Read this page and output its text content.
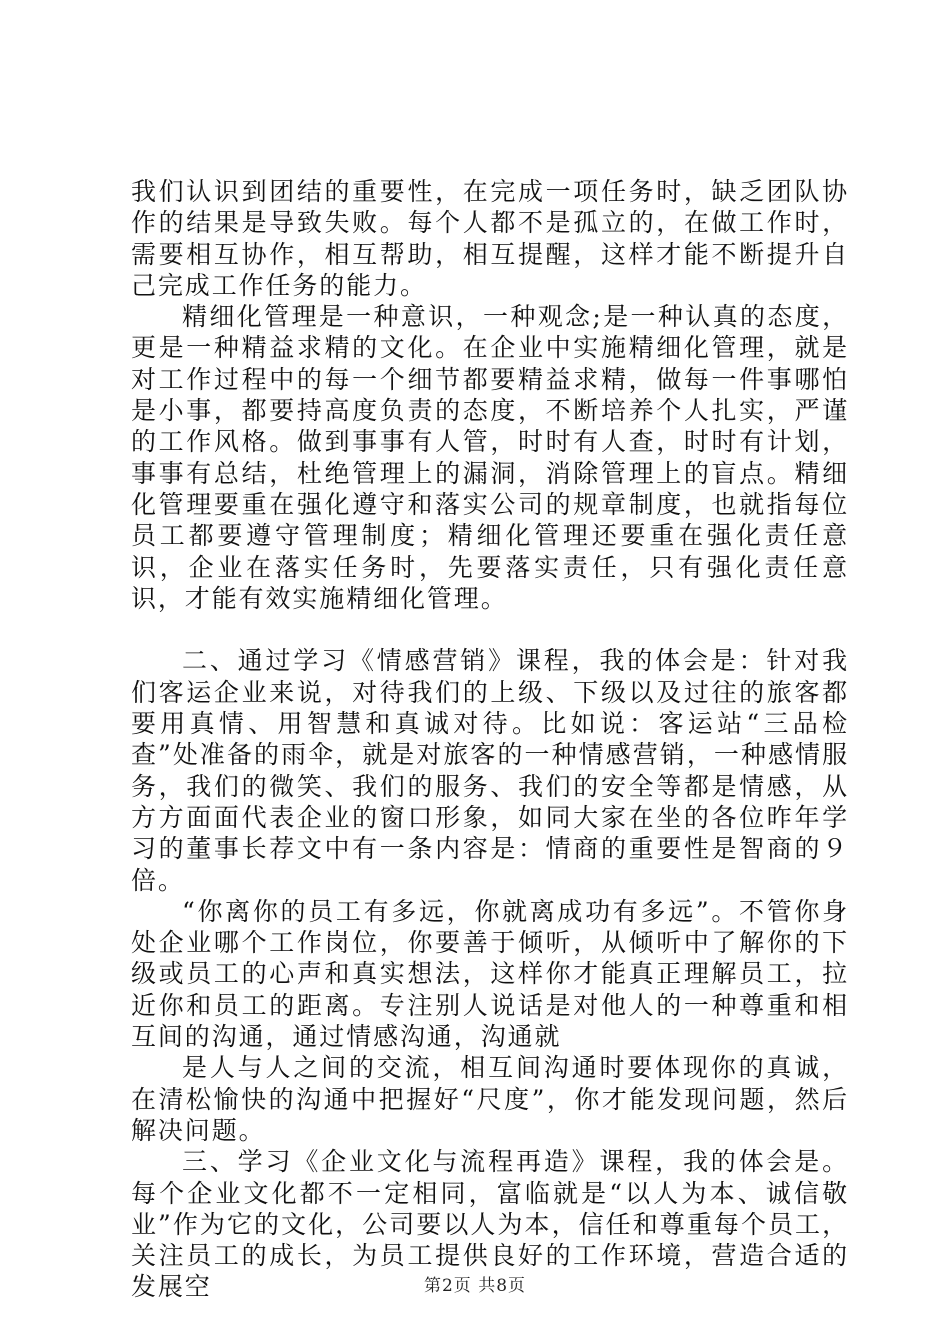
我们认识到团结的重要性，在完成一项任务时，缺乏团队协作的结果是导致失败。每个人都不是孤立的，在做工作时，需要相互协作，相互帮助，相互提醒，这样才能不断提升自己完成工作任务的能力。

精细化管理是一种意识，一种观念;是一种认真的态度，更是一种精益求精的文化。在企业中实施精细化管理，就是对工作过程中的每一个细节都要精益求精，做每一件事哪怕是小事，都要持高度负责的态度，不断培养个人扎实，严谨的工作风格。做到事事有人管，时时有人查，时时有计划，事事有总结，杜绝管理上的漏洞，消除管理上的盲点。精细化管理要重在强化遵守和落实公司的规章制度，也就指每位员工都要遵守管理制度；精细化管理还要重在强化责任意识，企业在落实任务时，先要落实责任，只有强化责任意识，才能有效实施精细化管理。

二、通过学习《情感营销》课程，我的体会是：针对我们客运企业来说，对待我们的上级、下级以及过往的旅客都要用真情、用智慧和真诚对待。比如说：客运站“三品检查”处准备的雨伞，就是对旅客的一种情感营销，一种感情服务，我们的微笑、我们的服务、我们的安全等都是情感，从方方面面代表企业的窗口形象，如同大家在坐的各位昨年学习的董事长荐文中有一条内容是：情商的重要性是智商的９倍。

“你离你的员工有多远，你就离成功有多远”。不管你身处企业哪个工作岗位，你要善于倾听，从倾听中了解你的下级或员工的心声和真实想法，这样你才能真正理解员工，拉近你和员工的距离。专注别人说话是对他人的一种尊重和相互间的沟通，通过情感沟通，沟通就

是人与人之间的交流，相互间沟通时要体现你的真诚，在清松愉快的沟通中把握好“尺度”，你才能发现问题，然后解决问题。

三、学习《企业文化与流程再造》课程，我的体会是。每个企业文化都不一定相同，富临就是“以人为本、诚信敬业”作为它的文化，公司要以人为本，信任和尊重每个员工，关注员工的成长，为员工提供良好的工作环境，营造合适的发展空	第2页 共8页
